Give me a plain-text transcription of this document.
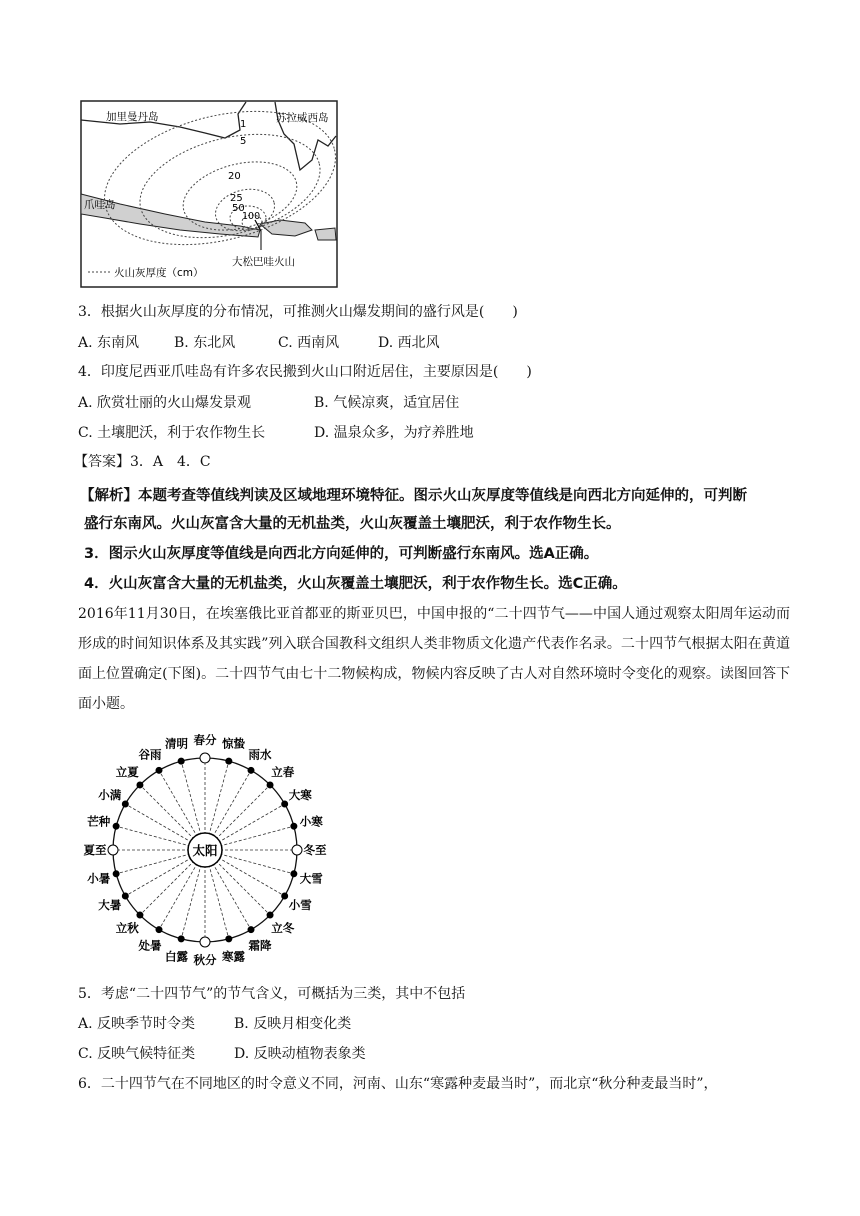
加里曼丹岛	苏拉威西岛
爪哇岛
1
5
20
25
50
100
大松巴哇火山
火山灰厚度（cm）
3．根据火山灰厚度的分布情况，可推测火山爆发期间的盛行风是(　　)
A. 东南风 B. 东北风	C. 西南风	D. 西北风
4．印度尼西亚爪哇岛有许多农民搬到火山口附近居住，主要原因是(　　)
A. 欣赏壮丽的火山爆发景观	B. 气候凉爽，适宜居住
C. 土壤肥沃，利于农作物生长	D. 温泉众多，为疗养胜地
【答案】3．A　4．C
【解析】本题考查等值线判读及区域地理环境特征。图示火山灰厚度等值线是向西北方向延伸的，可判断
盛行东南风。火山灰富含大量的无机盐类，火山灰覆盖土壤肥沃，利于农作物生长。
3．图示火山灰厚度等值线是向西北方向延伸的，可判断盛行东南风。选A正确。
4．火山灰富含大量的无机盐类，火山灰覆盖土壤肥沃，利于农作物生长。选C正确。
2016年11月30日，在埃塞俄比亚首都亚的斯亚贝巴，中国申报的“二十四节气——中国人通过观察太阳周年运动而形成的时间知识体系及其实践”列入联合国教科文组织人类非物质文化遗产代表作名录。二十四节气根据太阳在黄道面上位置确定(下图)。二十四节气由七十二物候构成，物候内容反映了古人对自然环境时令变化的观察。读图回答下面小题。
春分 惊蛰
雨水
立春
大寒
小寒
冬至
大雪
小雪
立冬
霜降
寒露
秋分
白露
处暑
立秋
大暑
小暑
夏至
芒种
小满
立夏
谷雨
清明
太阳
5．考虑“二十四节气”的节气含义，可概括为三类，其中不包括
A. 反映季节时令类	B. 反映月相变化类
C. 反映气候特征类	D. 反映动植物表象类
6．二十四节气在不同地区的时令意义不同，河南、山东“寒露种麦最当时”，而北京“秋分种麦最当时”，
